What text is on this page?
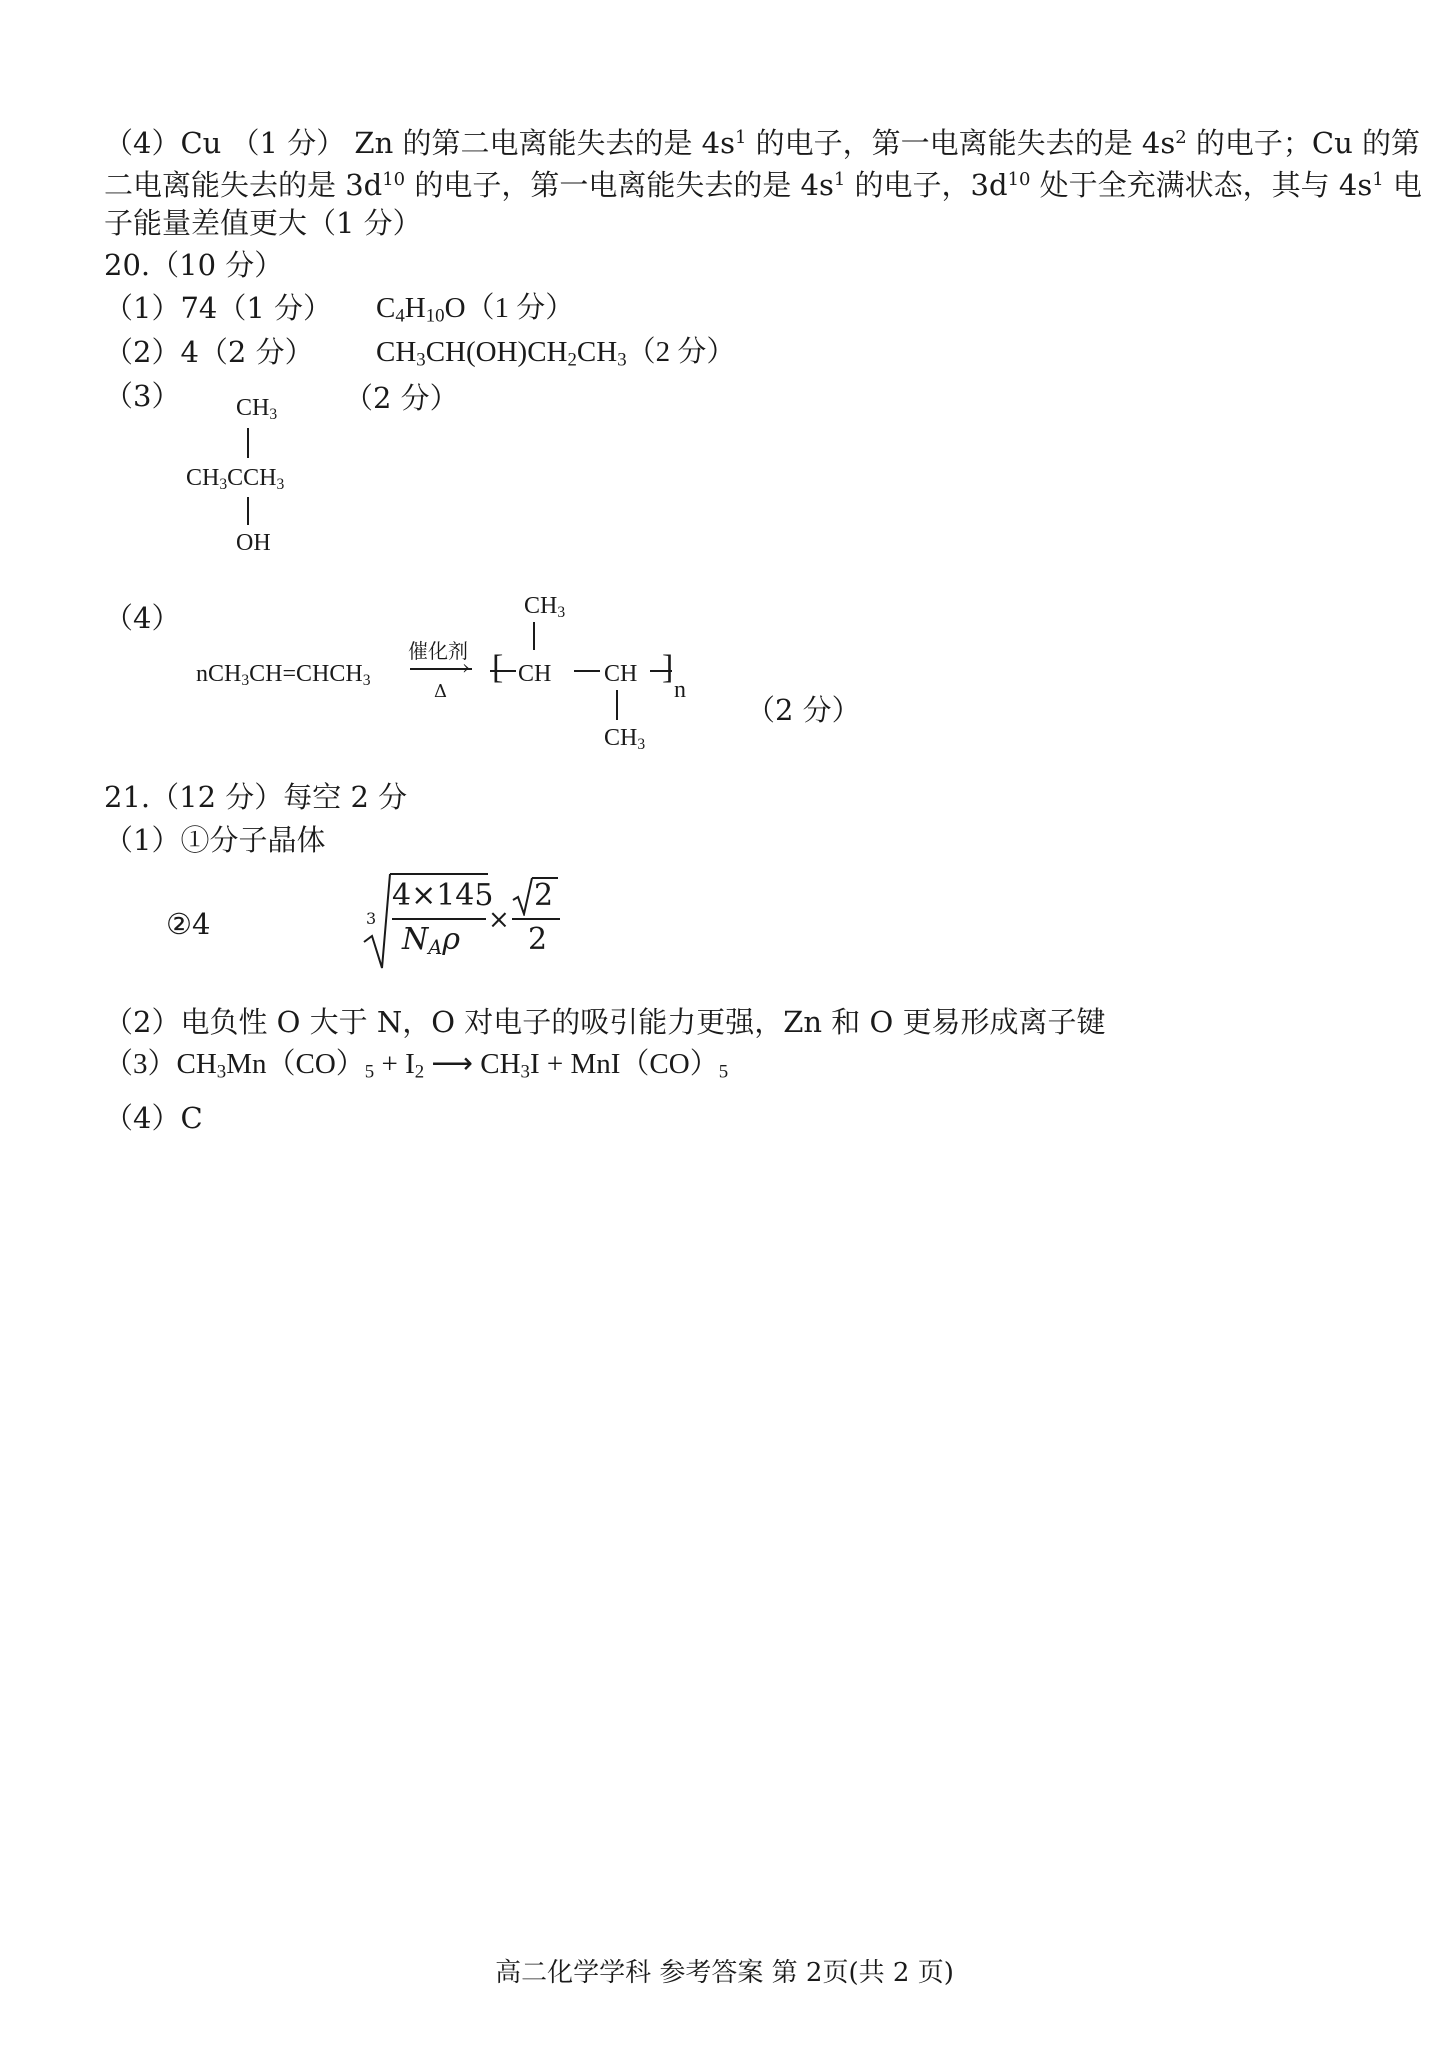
（4）Cu （1 分） Zn 的第二电离能失去的是 $4s^1$ 的电子，第一电离能失去的是 $4s^2$ 的电子；Cu 的第
二电离能失去的是 $3d^{10}$ 的电子，第一电离能失去的是 $4s^1$ 的电子，$3d^{10}$ 处于全充满状态，其与 $4s^1$ 电
子能量差值更大（1 分）
20.（10 分）
（1）74（1 分） $C_4H_{10}O(1$ 分）
（2）4（2 分） $CH_3CH(OH)CH_2CH_3(2$ 分）
（3） $CH_3$
$CH_3CCH_3$
OH
（2 分）
（4）
$nCH_3CH=CHCH_3$
催化剂
›
Δ
$CH_3$
[ CH CH ]
n
$CH_3$
（2 分）
21.（12 分）每空 2 分
（1）①分子晶体
②4	3
4×145
$N_A\rho$
×
2
2
（2）电负性 O 大于 N，O 对电子的吸引能力更强，Zn 和 O 更易形成离子键
$(3)CH_3Mn(CO)_5 + I_2$ ⟶ $CH_3I + MnI(CO)_5$
（4）C
高二化学学科 参考答案 第 2页(共 2 页)
